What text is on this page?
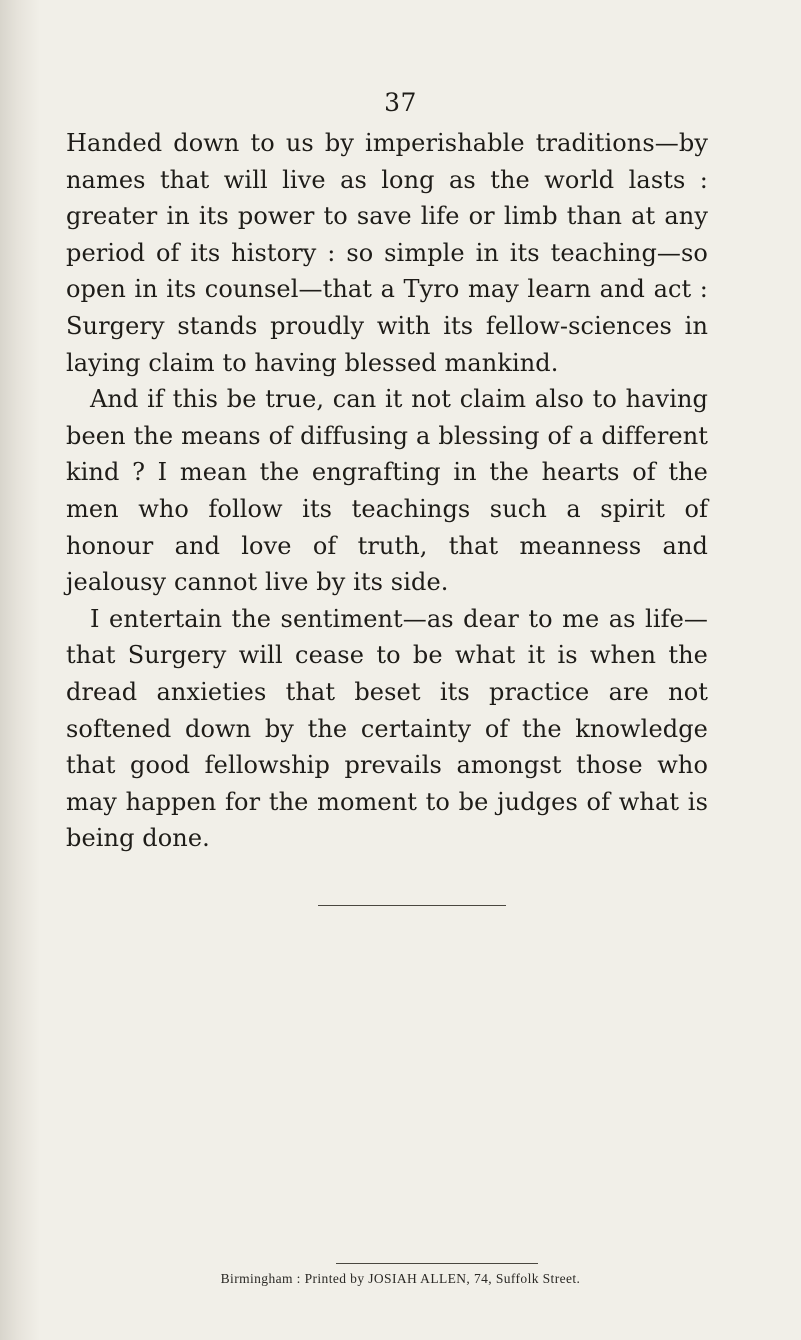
37

Handed down to us by imperishable traditions—by names that will live as long as the world lasts : greater in its power to save life or limb than at any period of its history : so simple in its teaching—so open in its counsel—that a Tyro may learn and act : Surgery stands proudly with its fellow-sciences in laying claim to having blessed mankind.

And if this be true, can it not claim also to having been the means of diffusing a blessing of a different kind ? I mean the engrafting in the hearts of the men who follow its teachings such a spirit of honour and love of truth, that meanness and jealousy cannot live by its side.

I entertain the sentiment—as dear to me as life—that Surgery will cease to be what it is when the dread anxieties that beset its practice are not softened down by the certainty of the knowledge that good fellowship prevails amongst those who may happen for the moment to be judges of what is being done.

Birmingham : Printed by JOSIAH ALLEN, 74, Suffolk Street.
